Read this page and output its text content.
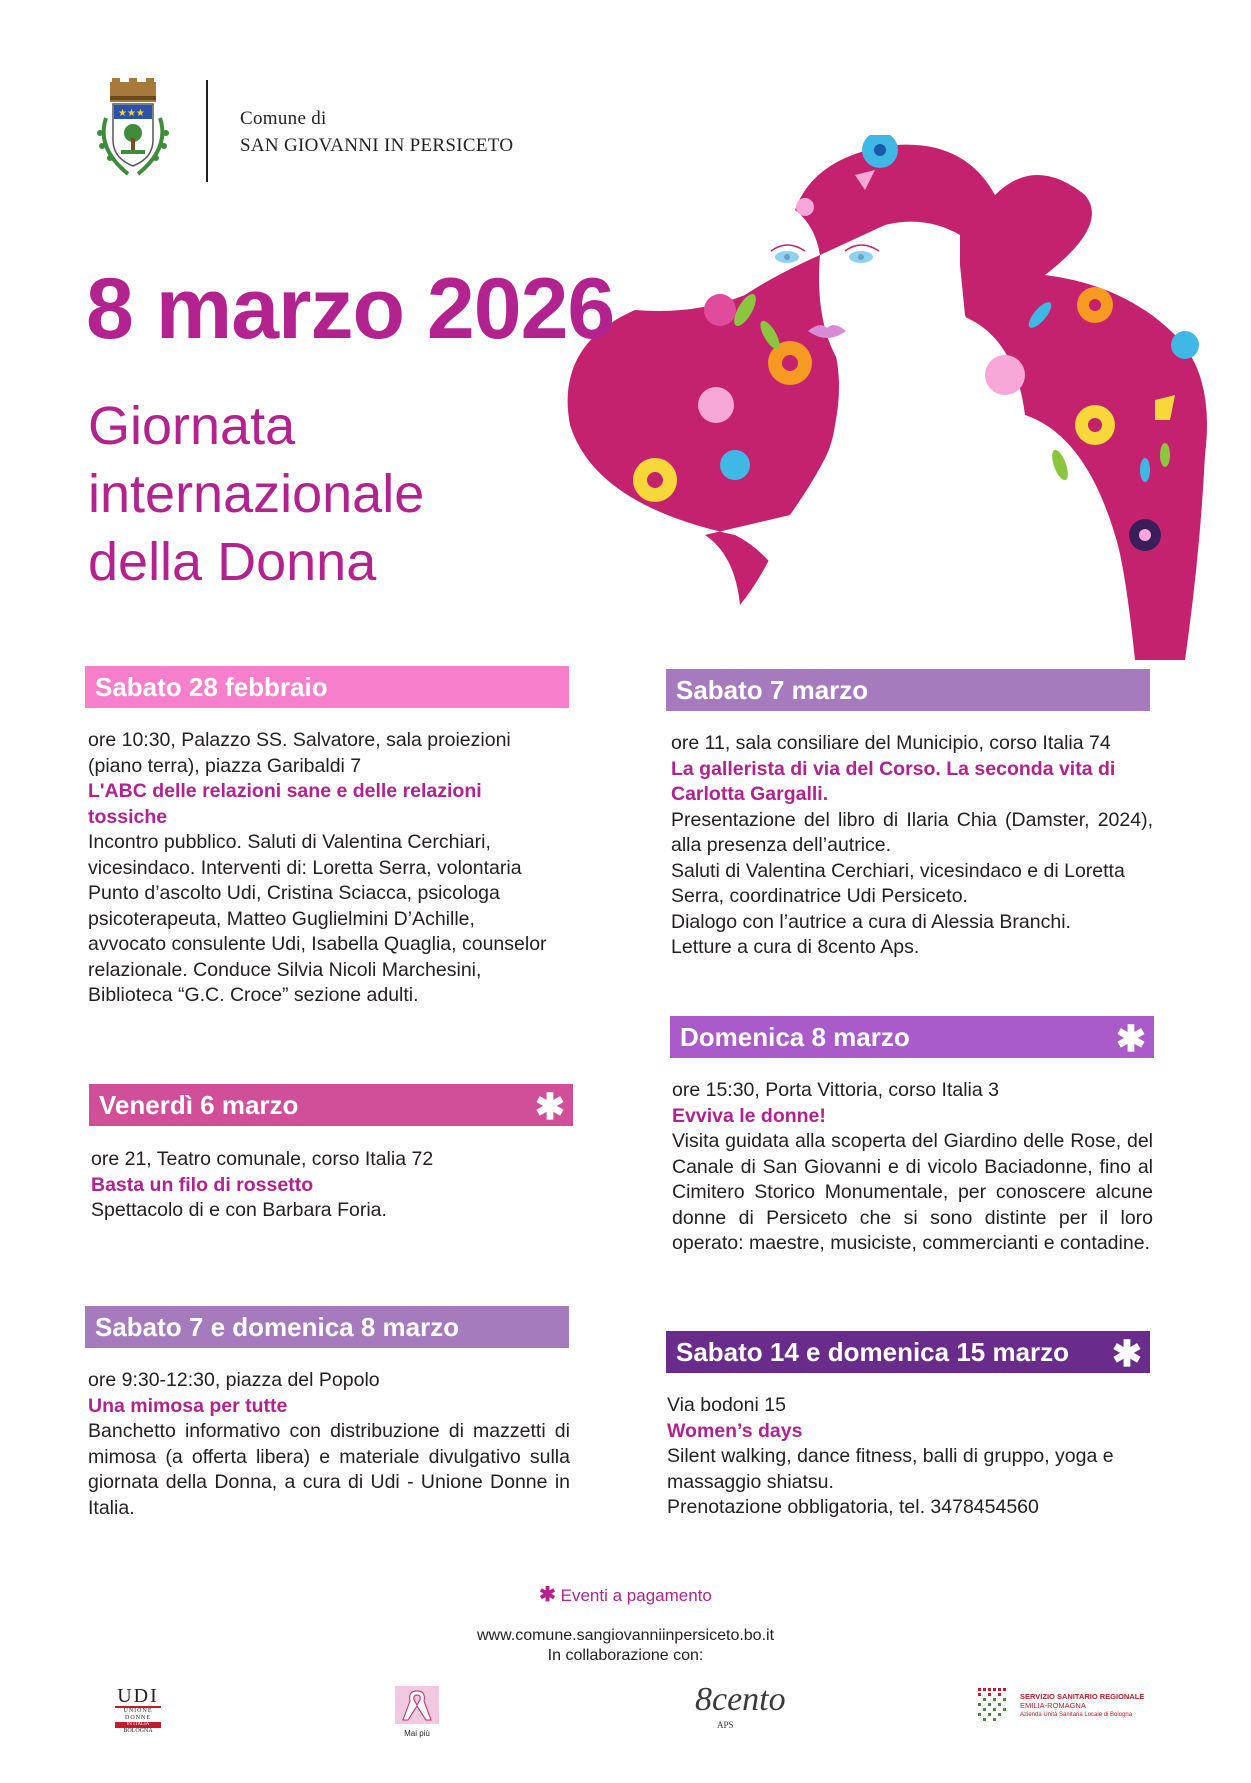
★★★	Comune di
SAN GIOVANNI IN PERSICETO
8 marzo 2026
Giornata
internazionale
della Donna
Sabato 28 febbraio
ore 10:30, Palazzo SS. Salvatore, sala proiezioni (piano terra), piazza Garibaldi 7
L'ABC delle relazioni sane e delle relazioni tossiche
Incontro pubblico. Saluti di Valentina Cerchiari, vicesindaco. Interventi di: Loretta Serra, volontaria Punto d’ascolto Udi, Cristina Sciacca, psicologa psicoterapeuta, Matteo Guglielmini D’Achille, avvocato consulente Udi, Isabella Quaglia, counselor relazionale. Conduce Silvia Nicoli Marchesini, Biblioteca “G.C. Croce” sezione adulti.
Venerdì 6 marzo	✱
ore 21, Teatro comunale, corso Italia 72
Basta un filo di rossetto
Spettacolo di e con Barbara Foria.
Sabato 7 e domenica 8 marzo
ore 9:30-12:30, piazza del Popolo
Una mimosa per tutte
Banchetto informativo con distribuzione di mazzetti di mimosa (a offerta libera) e materiale divulgativo sulla giornata della Donna, a cura di Udi - Unione Donne in Italia.
Sabato 7 marzo
ore 11, sala consiliare del Municipio, corso Italia 74
La gallerista di via del Corso. La seconda vita di Carlotta Gargalli.
Presentazione del libro di Ilaria Chia (Damster, 2024), alla presenza dell’autrice.
Saluti di Valentina Cerchiari, vicesindaco e di Loretta Serra, coordinatrice Udi Persiceto.
Dialogo con l’autrice a cura di Alessia Branchi.
Letture a cura di 8cento Aps.
Domenica 8 marzo	✱
ore 15:30, Porta Vittoria, corso Italia 3
Evviva le donne!
Visita guidata alla scoperta del Giardino delle Rose, del Canale di San Giovanni e di vicolo Baciadonne, fino al Cimitero Storico Monumentale, per conoscere alcune donne di Persiceto che si sono distinte per il loro operato: maestre, musiciste, commercianti e contadine.
Sabato 14 e domenica 15 marzo ✱
Via bodoni 15
Women’s days
Silent walking, dance fitness, balli di gruppo, yoga e massaggio shiatsu.
Prenotazione obbligatoria, tel. 3478454560
✱ Eventi a pagamento
www.comune.sangiovanniinpersiceto.bo.it
In collaborazione con:
UDI
UNIONE
DONNE
IN ITALIA
BOLOGNA	Mai più
8cento
APS
SERVIZIO SANITARIO REGIONALE
EMILIA-ROMAGNA
Azienda Unità Sanitaria Locale di Bologna
